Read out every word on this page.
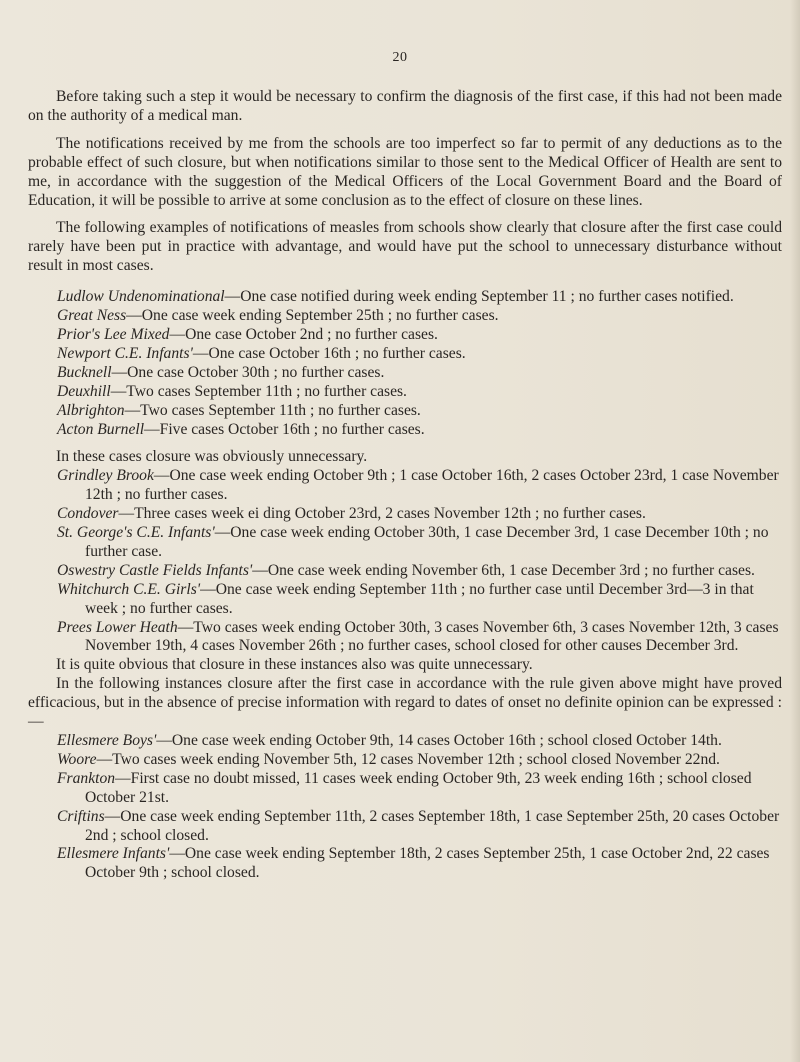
20

Before taking such a step it would be necessary to confirm the diagnosis of the first case, if this had not been made on the authority of a medical man.

The notifications received by me from the schools are too imperfect so far to permit of any deductions as to the probable effect of such closure, but when notifications similar to those sent to the Medical Officer of Health are sent to me, in accordance with the suggestion of the Medical Officers of the Local Government Board and the Board of Education, it will be possible to arrive at some conclusion as to the effect of closure on these lines.

The following examples of notifications of measles from schools show clearly that closure after the first case could rarely have been put in practice with advantage, and would have put the school to unnecessary disturbance without result in most cases.

Ludlow Undenominational—One case notified during week ending September 11 ; no further cases notified.

Great Ness—One case week ending September 25th ; no further cases.

Prior's Lee Mixed—One case October 2nd ; no further cases.

Newport C.E. Infants'—One case October 16th ; no further cases.

Bucknell—One case October 30th ; no further cases.

Deuxhill—Two cases September 11th ; no further cases.

Albrighton—Two cases September 11th ; no further cases.

Acton Burnell—Five cases October 16th ; no further cases.

In these cases closure was obviously unnecessary.

Grindley Brook—One case week ending October 9th ; 1 case October 16th, 2 cases October 23rd, 1 case November 12th ; no further cases.

Condover—Three cases week ei ding October 23rd, 2 cases November 12th ; no further cases.

St. George's C.E. Infants'—One case week ending October 30th, 1 case December 3rd, 1 case December 10th ; no further case.

Oswestry Castle Fields Infants'—One case week ending November 6th, 1 case December 3rd ; no further cases.

Whitchurch C.E. Girls'—One case week ending September 11th ; no further case until December 3rd—3 in that week ; no further cases.

Prees Lower Heath—Two cases week ending October 30th, 3 cases November 6th, 3 cases November 12th, 3 cases November 19th, 4 cases November 26th ; no further cases, school closed for other causes December 3rd.

It is quite obvious that closure in these instances also was quite unnecessary.

In the following instances closure after the first case in accordance with the rule given above might have proved efficacious, but in the absence of precise information with regard to dates of onset no definite opinion can be expressed :—

Ellesmere Boys'—One case week ending October 9th, 14 cases October 16th ; school closed October 14th.

Woore—Two cases week ending November 5th, 12 cases November 12th ; school closed November 22nd.

Frankton—First case no doubt missed, 11 cases week ending October 9th, 23 week ending 16th ; school closed October 21st.

Criftins—One case week ending September 11th, 2 cases September 18th, 1 case September 25th, 20 cases October 2nd ; school closed.

Ellesmere Infants'—One case week ending September 18th, 2 cases September 25th, 1 case October 2nd, 22 cases October 9th ; school closed.
